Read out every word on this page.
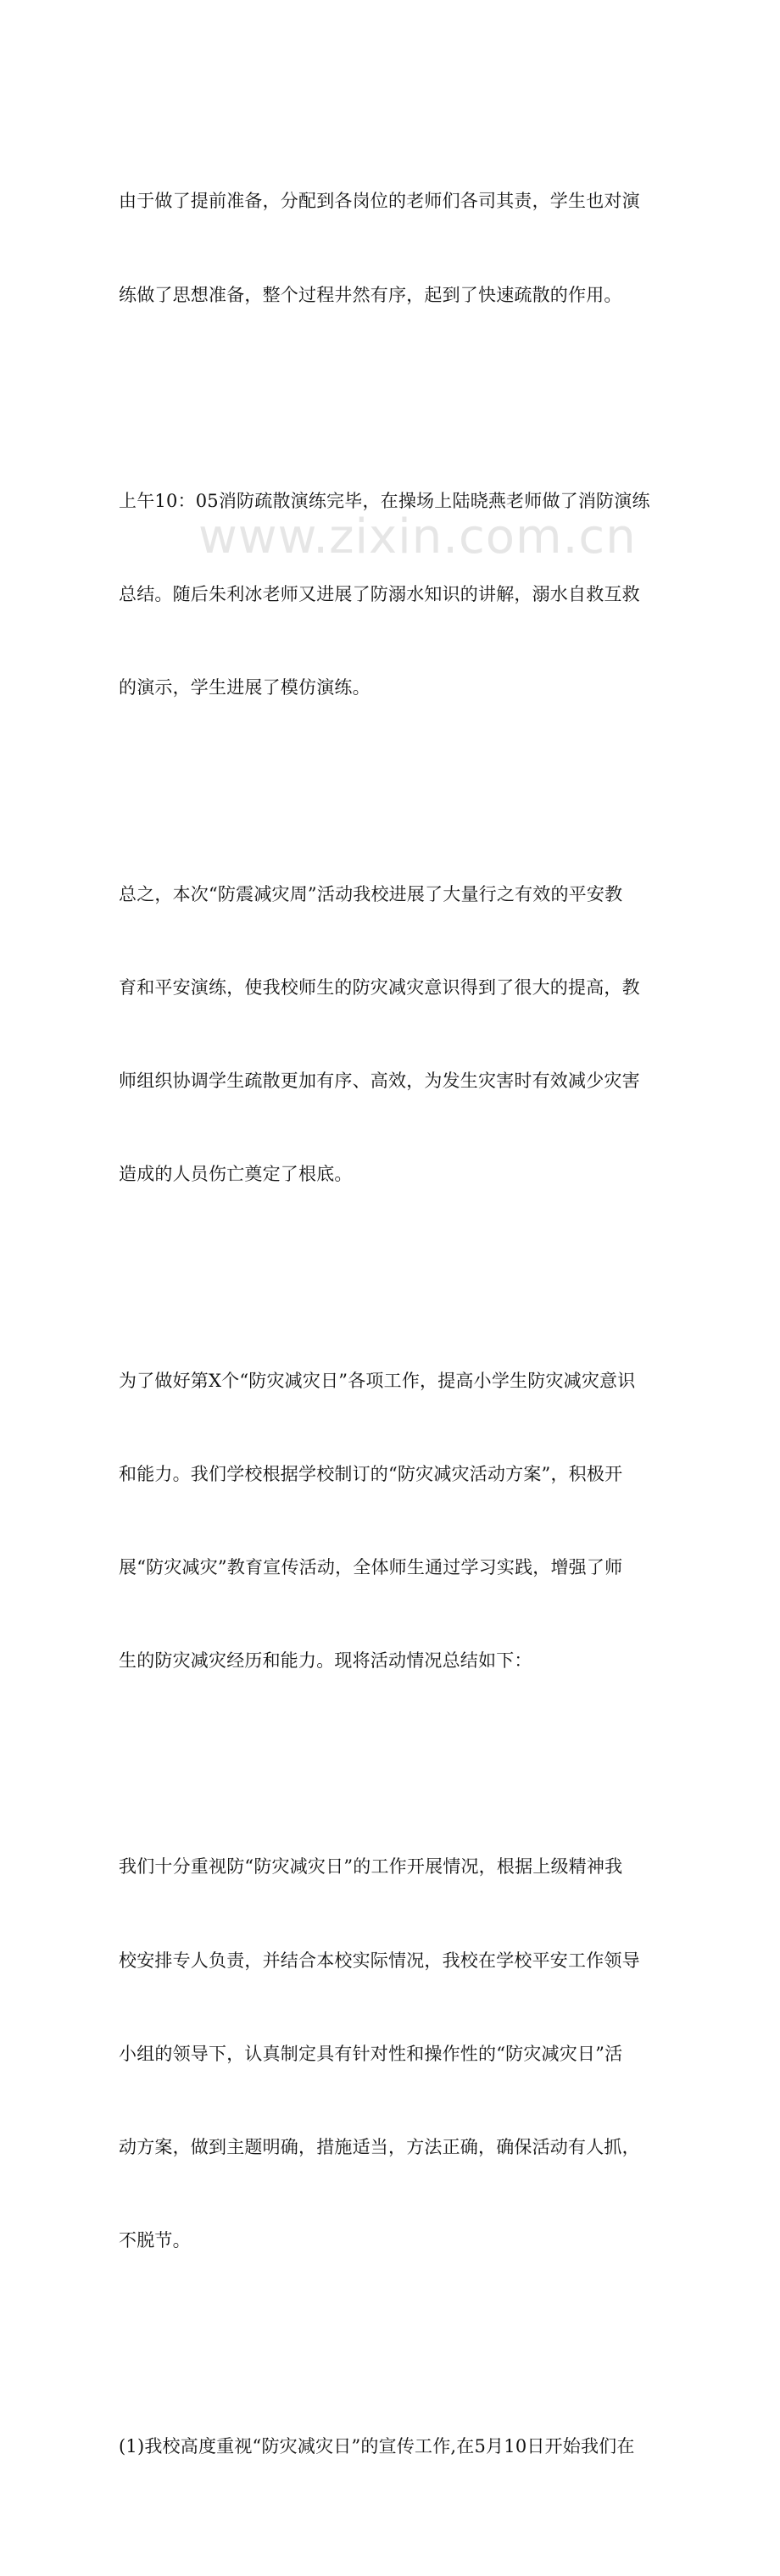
www.zixin.com.cn

由于做了提前准备，分配到各岗位的老师们各司其责，学生也对演

练做了思想准备，整个过程井然有序，起到了快速疏散的作用。

上午10：05消防疏散演练完毕，在操场上陆晓燕老师做了消防演练

总结。随后朱利冰老师又进展了防溺水知识的讲解，溺水自救互救

的演示，学生进展了模仿演练。

总之，本次“防震减灾周”活动我校进展了大量行之有效的平安教

育和平安演练，使我校师生的防灾减灾意识得到了很大的提高，教

师组织协调学生疏散更加有序、高效，为发生灾害时有效减少灾害

造成的人员伤亡奠定了根底。

为了做好第X个“防灾减灾日”各项工作，提高小学生防灾减灾意识

和能力。我们学校根据学校制订的“防灾减灾活动方案”，积极开

展“防灾减灾”教育宣传活动，全体师生通过学习实践，增强了师

生的防灾减灾经历和能力。现将活动情况总结如下：

我们十分重视防“防灾减灾日”的工作开展情况，根据上级精神我

校安排专人负责，并结合本校实际情况，我校在学校平安工作领导

小组的领导下，认真制定具有针对性和操作性的“防灾减灾日”活

动方案，做到主题明确，措施适当，方法正确，确保活动有人抓，

不脱节。

(1)我校高度重视“防灾减灾日”的宣传工作,在5月10日开始我们在
